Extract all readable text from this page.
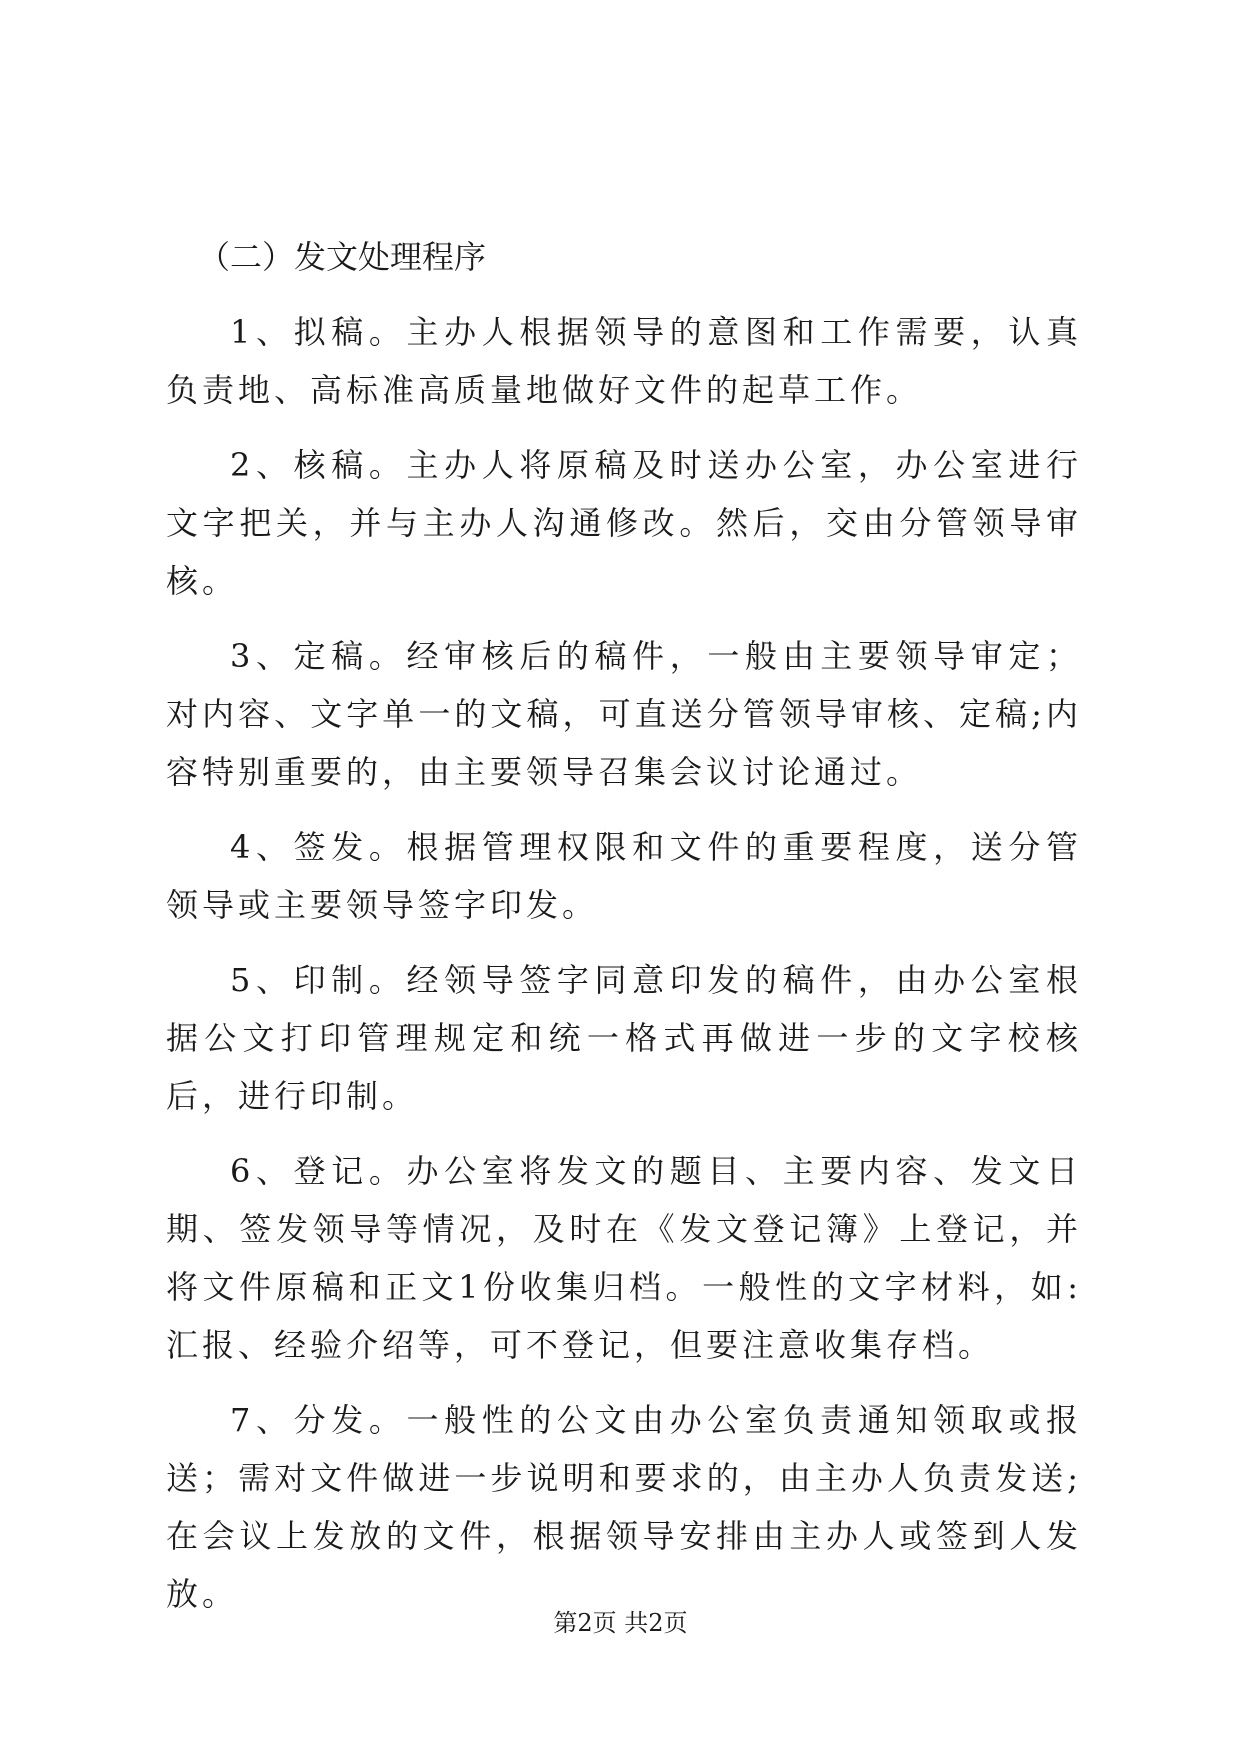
（二）发文处理程序

1、拟稿。主办人根据领导的意图和工作需要，认真负责地、高标准高质量地做好文件的起草工作。

2、核稿。主办人将原稿及时送办公室，办公室进行文字把关，并与主办人沟通修改。然后，交由分管领导审核。

3、定稿。经审核后的稿件，一般由主要领导审定；对内容、文字单一的文稿，可直送分管领导审核、定稿;内容特别重要的，由主要领导召集会议讨论通过。

4、签发。根据管理权限和文件的重要程度，送分管领导或主要领导签字印发。

5、印制。经领导签字同意印发的稿件，由办公室根据公文打印管理规定和统一格式再做进一步的文字校核后，进行印制。

6、登记。办公室将发文的题目、主要内容、发文日期、签发领导等情况，及时在《发文登记簿》上登记，并将文件原稿和正文1份收集归档。一般性的文字材料，如:汇报、经验介绍等，可不登记，但要注意收集存档。

7、分发。一般性的公文由办公室负责通知领取或报送；需对文件做进一步说明和要求的，由主办人负责发送;在会议上发放的文件，根据领导安排由主办人或签到人发放。

第2页 共2页
